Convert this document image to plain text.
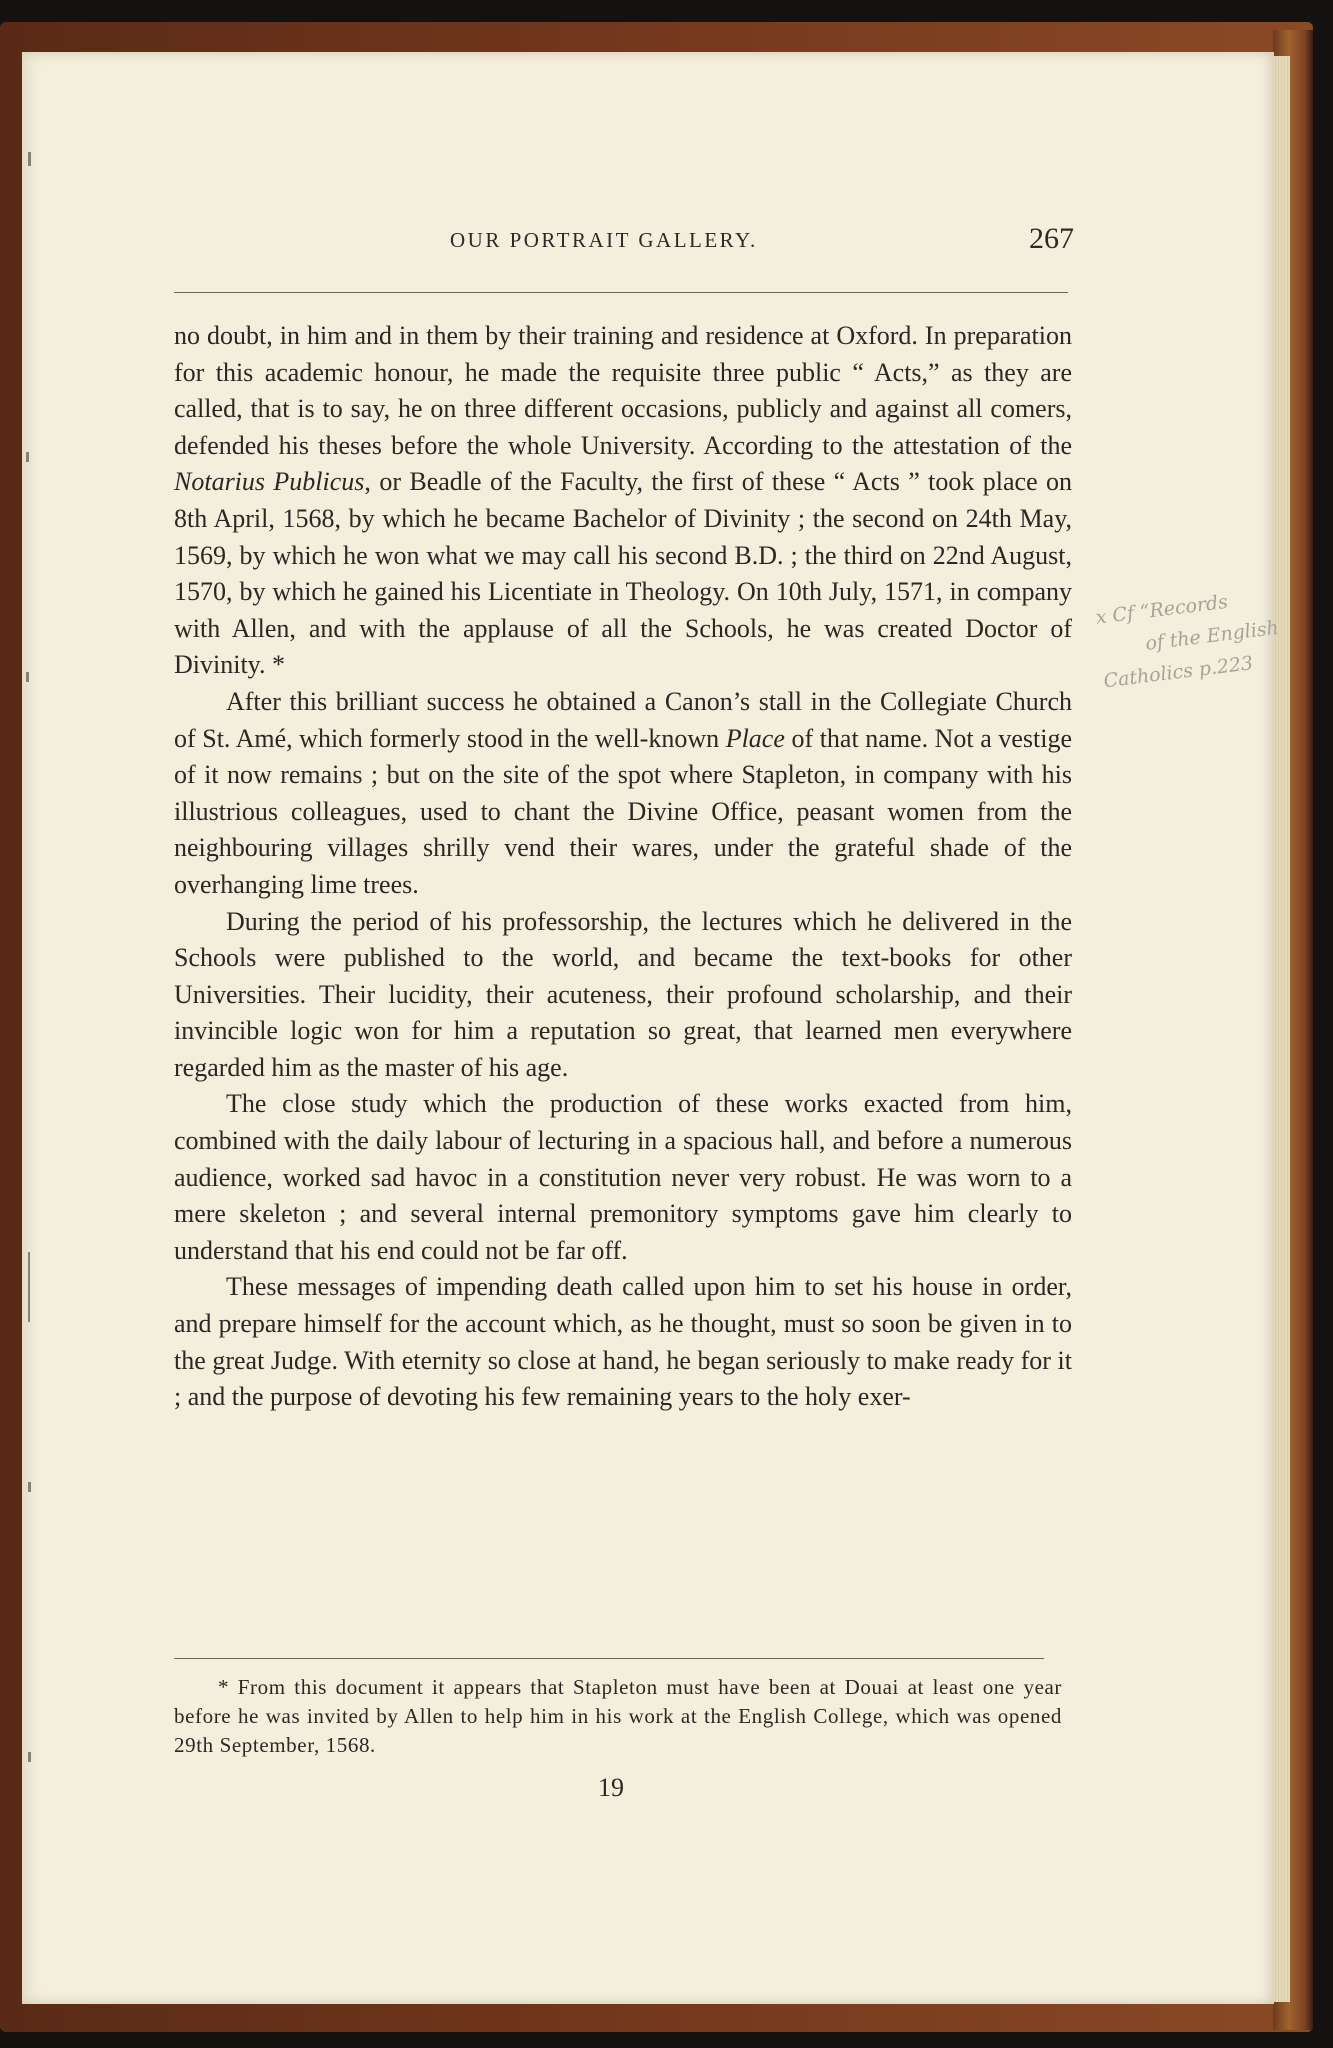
OUR PORTRAIT GALLERY.	267

no doubt, in him and in them by their training and residence at Oxford. In preparation for this academic honour, he made the requisite three public “ Acts,” as they are called, that is to say, he on three different occasions, publicly and against all comers, defended his theses before the whole University. According to the attestation of the Notarius Publicus, or Beadle of the Faculty, the first of these “ Acts ” took place on 8th April, 1568, by which he became Bachelor of Divinity ; the second on 24th May, 1569, by which he won what we may call his second B.D. ; the third on 22nd August, 1570, by which he gained his Licentiate in Theology. On 10th July, 1571, in company with Allen, and with the applause of all the Schools, he was created Doctor of Divinity. *

After this brilliant success he obtained a Canon’s stall in the Collegiate Church of St. Amé, which formerly stood in the well-known Place of that name. Not a vestige of it now remains ; but on the site of the spot where Stapleton, in company with his illustrious colleagues, used to chant the Divine Office, peasant women from the neighbouring villages shrilly vend their wares, under the grateful shade of the overhanging lime trees.

During the period of his professorship, the lectures which he delivered in the Schools were published to the world, and became the text-books for other Universities. Their lucidity, their acuteness, their profound scholarship, and their invincible logic won for him a reputation so great, that learned men everywhere regarded him as the master of his age.

The close study which the production of these works exacted from him, combined with the daily labour of lecturing in a spacious hall, and before a numerous audience, worked sad havoc in a constitution never very robust. He was worn to a mere skeleton ; and several internal premonitory symptoms gave him clearly to understand that his end could not be far off.

These messages of impending death called upon him to set his house in order, and prepare himself for the account which, as he thought, must so soon be given in to the great Judge. With eternity so close at hand, he began seriously to make ready for it ; and the purpose of devoting his few remaining years to the holy exer-

* From this document it appears that Stapleton must have been at Douai at least one year before he was invited by Allen to help him in his work at the English College, which was opened 29th September, 1568.
19
x Cf “Records
of the English
Catholics p.223
